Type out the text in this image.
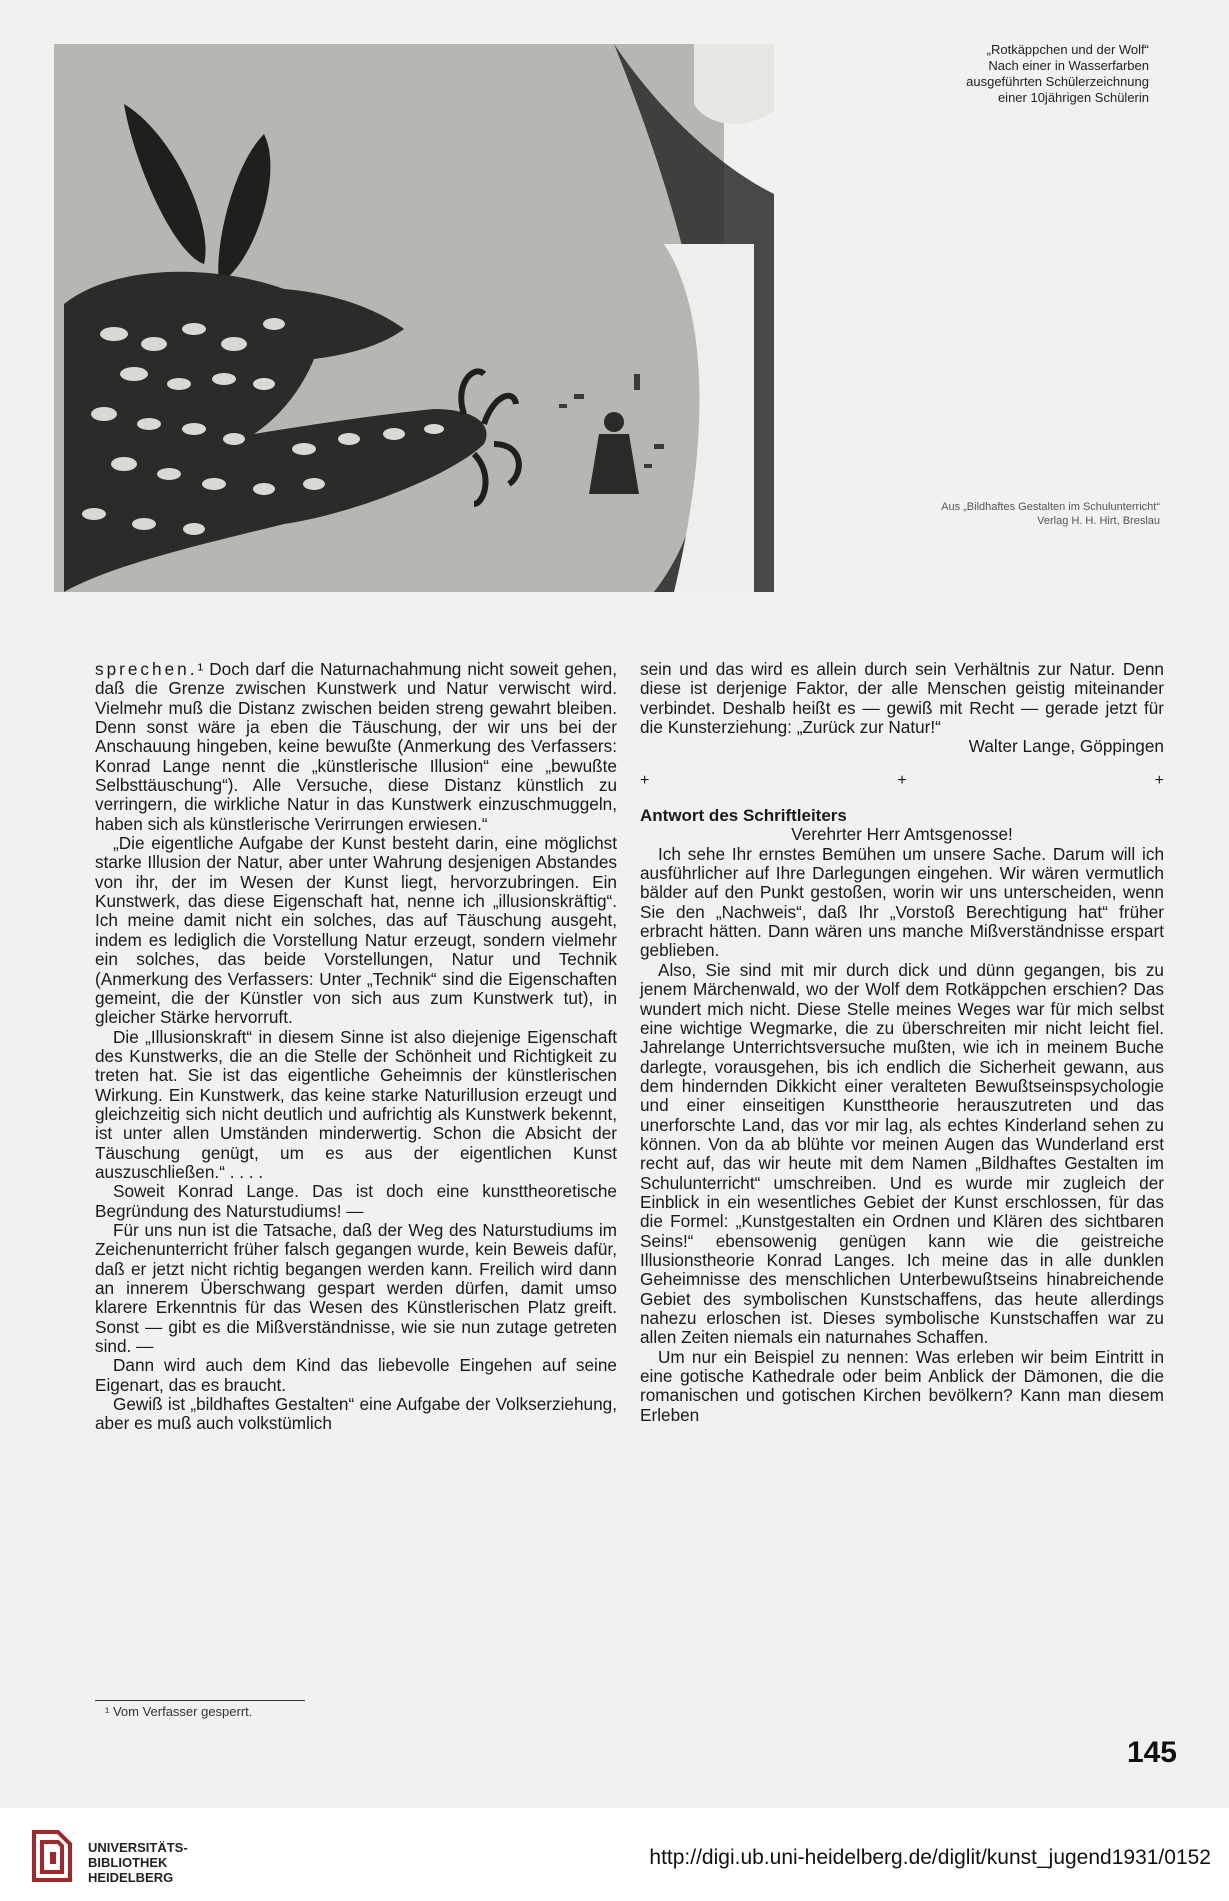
„Rotkäppchen und der Wolf“
Nach einer in Wasserfarben
ausgeführten Schülerzeichnung
einer 10jährigen Schülerin
Aus „Bildhaftes Gestalten im Schulunterricht“
Verlag H. H. Hirt, Breslau

sprechen.¹ Doch darf die Naturnachahmung nicht soweit gehen, daß die Grenze zwischen Kunstwerk und Natur verwischt wird. Vielmehr muß die Distanz zwischen beiden streng gewahrt bleiben. Denn sonst wäre ja eben die Täuschung, der wir uns bei der Anschauung hingeben, keine bewußte (Anmerkung des Verfassers: Konrad Lange nennt die „künstlerische Illusion“ eine „bewußte Selbsttäuschung“). Alle Versuche, diese Distanz künstlich zu verringern, die wirkliche Natur in das Kunstwerk einzuschmuggeln, haben sich als künstlerische Verirrungen erwiesen.“

„Die eigentliche Aufgabe der Kunst besteht darin, eine möglichst starke Illusion der Natur, aber unter Wahrung desjenigen Abstandes von ihr, der im Wesen der Kunst liegt, hervorzubringen. Ein Kunstwerk, das diese Eigenschaft hat, nenne ich „illusionskräftig“. Ich meine damit nicht ein solches, das auf Täuschung ausgeht, indem es lediglich die Vorstellung Natur erzeugt, sondern vielmehr ein solches, das beide Vorstellungen, Natur und Technik (Anmerkung des Verfassers: Unter „Technik“ sind die Eigenschaften gemeint, die der Künstler von sich aus zum Kunstwerk tut), in gleicher Stärke hervorruft.

Die „Illusionskraft“ in diesem Sinne ist also diejenige Eigenschaft des Kunstwerks, die an die Stelle der Schönheit und Richtigkeit zu treten hat. Sie ist das eigentliche Geheimnis der künstlerischen Wirkung. Ein Kunstwerk, das keine starke Naturillusion erzeugt und gleichzeitig sich nicht deutlich und aufrichtig als Kunstwerk bekennt, ist unter allen Umständen minderwertig. Schon die Absicht der Täuschung genügt, um es aus der eigentlichen Kunst auszuschließen.“ . . . .

Soweit Konrad Lange. Das ist doch eine kunsttheoretische Begründung des Naturstudiums! —

Für uns nun ist die Tatsache, daß der Weg des Naturstudiums im Zeichenunterricht früher falsch gegangen wurde, kein Beweis dafür, daß er jetzt nicht richtig begangen werden kann. Freilich wird dann an innerem Überschwang gespart werden dürfen, damit umso klarere Erkenntnis für das Wesen des Künstlerischen Platz greift. Sonst — gibt es die Mißverständnisse, wie sie nun zutage getreten sind. —

Dann wird auch dem Kind das liebevolle Eingehen auf seine Eigenart, das es braucht.

Gewiß ist „bildhaftes Gestalten“ eine Aufgabe der Volkserziehung, aber es muß auch volkstümlich

sein und das wird es allein durch sein Verhältnis zur Natur. Denn diese ist derjenige Faktor, der alle Menschen geistig miteinander verbindet. Deshalb heißt es — gewiß mit Recht — gerade jetzt für die Kunsterziehung: „Zurück zur Natur!“

Walter Lange, Göppingen

+	+	+

Antwort des Schriftleiters

Verehrter Herr Amtsgenosse!

Ich sehe Ihr ernstes Bemühen um unsere Sache. Darum will ich ausführlicher auf Ihre Darlegungen eingehen. Wir wären vermutlich bälder auf den Punkt gestoßen, worin wir uns unterscheiden, wenn Sie den „Nachweis“, daß Ihr „Vorstoß Berechtigung hat“ früher erbracht hätten. Dann wären uns manche Mißverständnisse erspart geblieben.

Also, Sie sind mit mir durch dick und dünn gegangen, bis zu jenem Märchenwald, wo der Wolf dem Rotkäppchen erschien? Das wundert mich nicht. Diese Stelle meines Weges war für mich selbst eine wichtige Wegmarke, die zu überschreiten mir nicht leicht fiel. Jahrelange Unterrichtsversuche mußten, wie ich in meinem Buche darlegte, vorausgehen, bis ich endlich die Sicherheit gewann, aus dem hindernden Dikkicht einer veralteten Bewußtseinspsychologie und einer einseitigen Kunsttheorie herauszutreten und das unerforschte Land, das vor mir lag, als echtes Kinderland sehen zu können. Von da ab blühte vor meinen Augen das Wunderland erst recht auf, das wir heute mit dem Namen „Bildhaftes Gestalten im Schulunterricht“ umschreiben. Und es wurde mir zugleich der Einblick in ein wesentliches Gebiet der Kunst erschlossen, für das die Formel: „Kunstgestalten ein Ordnen und Klären des sichtbaren Seins!“ ebensowenig genügen kann wie die geistreiche Illusionstheorie Konrad Langes. Ich meine das in alle dunklen Geheimnisse des menschlichen Unterbewußtseins hinabreichende Gebiet des symbolischen Kunstschaffens, das heute allerdings nahezu erloschen ist. Dieses symbolische Kunstschaffen war zu allen Zeiten niemals ein naturnahes Schaffen.

Um nur ein Beispiel zu nennen: Was erleben wir beim Eintritt in eine gotische Kathedrale oder beim Anblick der Dämonen, die die romanischen und gotischen Kirchen bevölkern? Kann man diesem Erleben

¹ Vom Verfasser gesperrt.
145
UNIVERSITÄTS-
BIBLIOTHEK
HEIDELBERG
http://digi.ub.uni-heidelberg.de/diglit/kunst_jugend1931/0152
